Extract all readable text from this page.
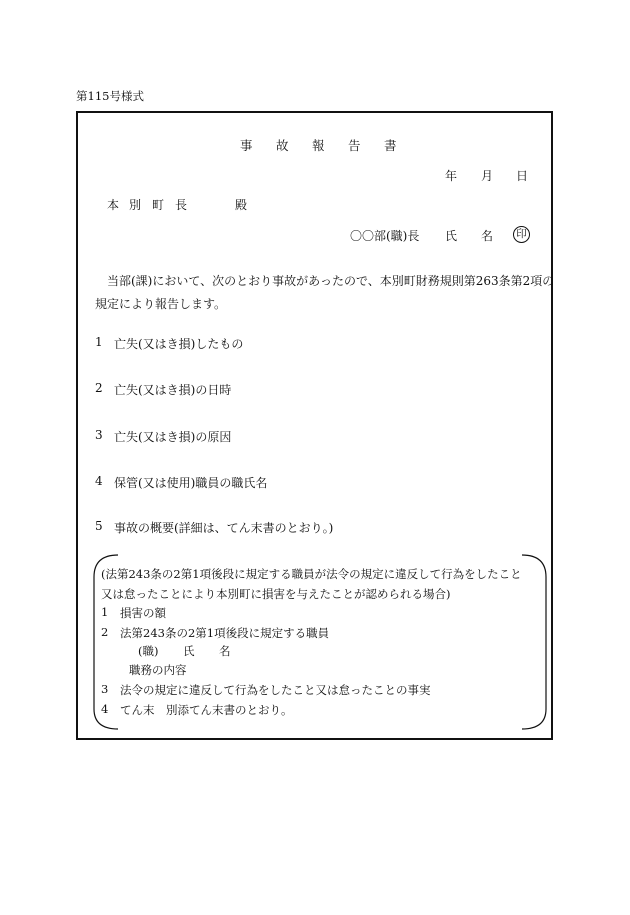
第115号様式
事 故 報 告 書
年 月 日
本 別 町 長	殿
〇〇部(職)長 氏 名	印
当部(課)において、次のとおり事故があったので、本別町財務規則第263条第2項の
規定により報告します。
1 亡失(又はき損)したもの
2 亡失(又はき損)の日時
3 亡失(又はき損)の原因
4 保管(又は使用)職員の職氏名
5 事故の概要(詳細は、てん末書のとおり。)
(法第243条の2第1項後段に規定する職員が法令の規定に違反して行為をしたこと
又は怠ったことにより本別町に損害を与えたことが認められる場合)
1 損害の額
2 法第243条の2第1項後段に規定する職員
(職) 氏 名
職務の内容
3 法令の規定に違反して行為をしたこと又は怠ったことの事実
4 てん末　別添てん末書のとおり。
